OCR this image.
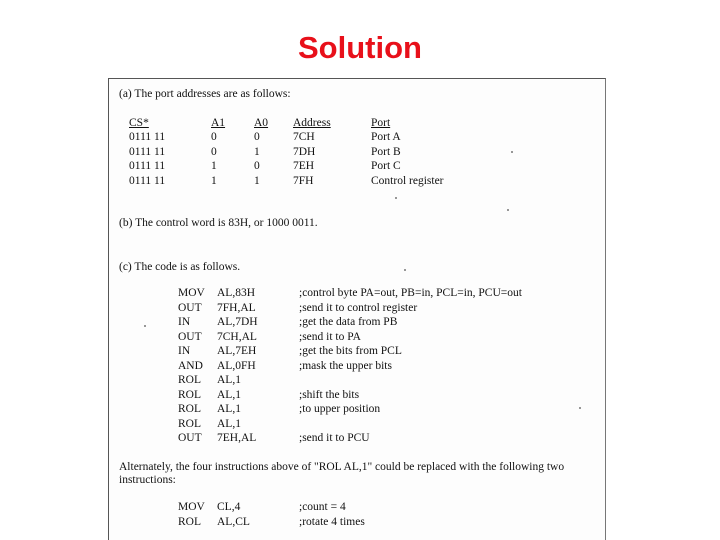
Solution
(a) The port addresses are as follows:
CS*	A1	A0 Address	Port
0111 11	0	0	7CH	Port A
0111 11	0	1	7DH	Port B
0111 11	1	0	7EH	Port C
0111 11	1	1	7FH	Control register
(b) The control word is 83H, or 1000 0011.
(c) The code is as follows.
MOV AL,83H	;control byte PA=out, PB=in, PCL=in, PCU=out
OUT 7FH,AL	;send it to control register
IN AL,7DH	;get the data from PB
OUT 7CH,AL	;send it to PA
IN AL,7EH	;get the bits from PCL
AND AL,0FH	;mask the upper bits
ROL AL,1
ROL AL,1	;shift the bits
ROL AL,1	;to upper position
ROL AL,1
OUT 7EH,AL	;send it to PCU
Alternately, the four instructions above of "ROL AL,1" could be replaced with the following two
instructions:
MOV CL,4	;count = 4
ROL AL,CL	;rotate 4 times
